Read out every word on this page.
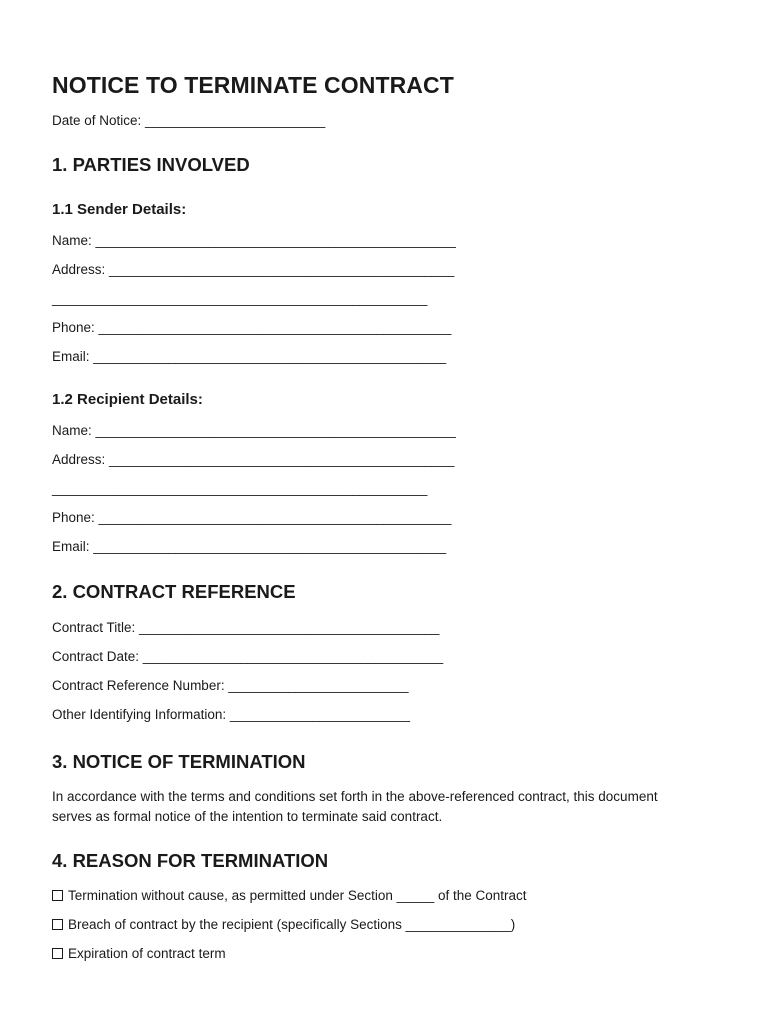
NOTICE TO TERMINATE CONTRACT

Date of Notice: ________________________

1. PARTIES INVOLVED
1.1 Sender Details:

Name: ________________________________________________

Address: ______________________________________________

__________________________________________________

Phone: _______________________________________________

Email: _______________________________________________

1.2 Recipient Details:

Name: ________________________________________________

Address: ______________________________________________

__________________________________________________

Phone: _______________________________________________

Email: _______________________________________________

2. CONTRACT REFERENCE

Contract Title: ________________________________________

Contract Date: ________________________________________

Contract Reference Number: ________________________

Other Identifying Information: ________________________

3. NOTICE OF TERMINATION

In accordance with the terms and conditions set forth in the above-referenced contract, this document serves as formal notice of the intention to terminate said contract.

4. REASON FOR TERMINATION

Termination without cause, as permitted under Section _____ of the Contract

Breach of contract by the recipient (specifically Sections ______________)

Expiration of contract term
